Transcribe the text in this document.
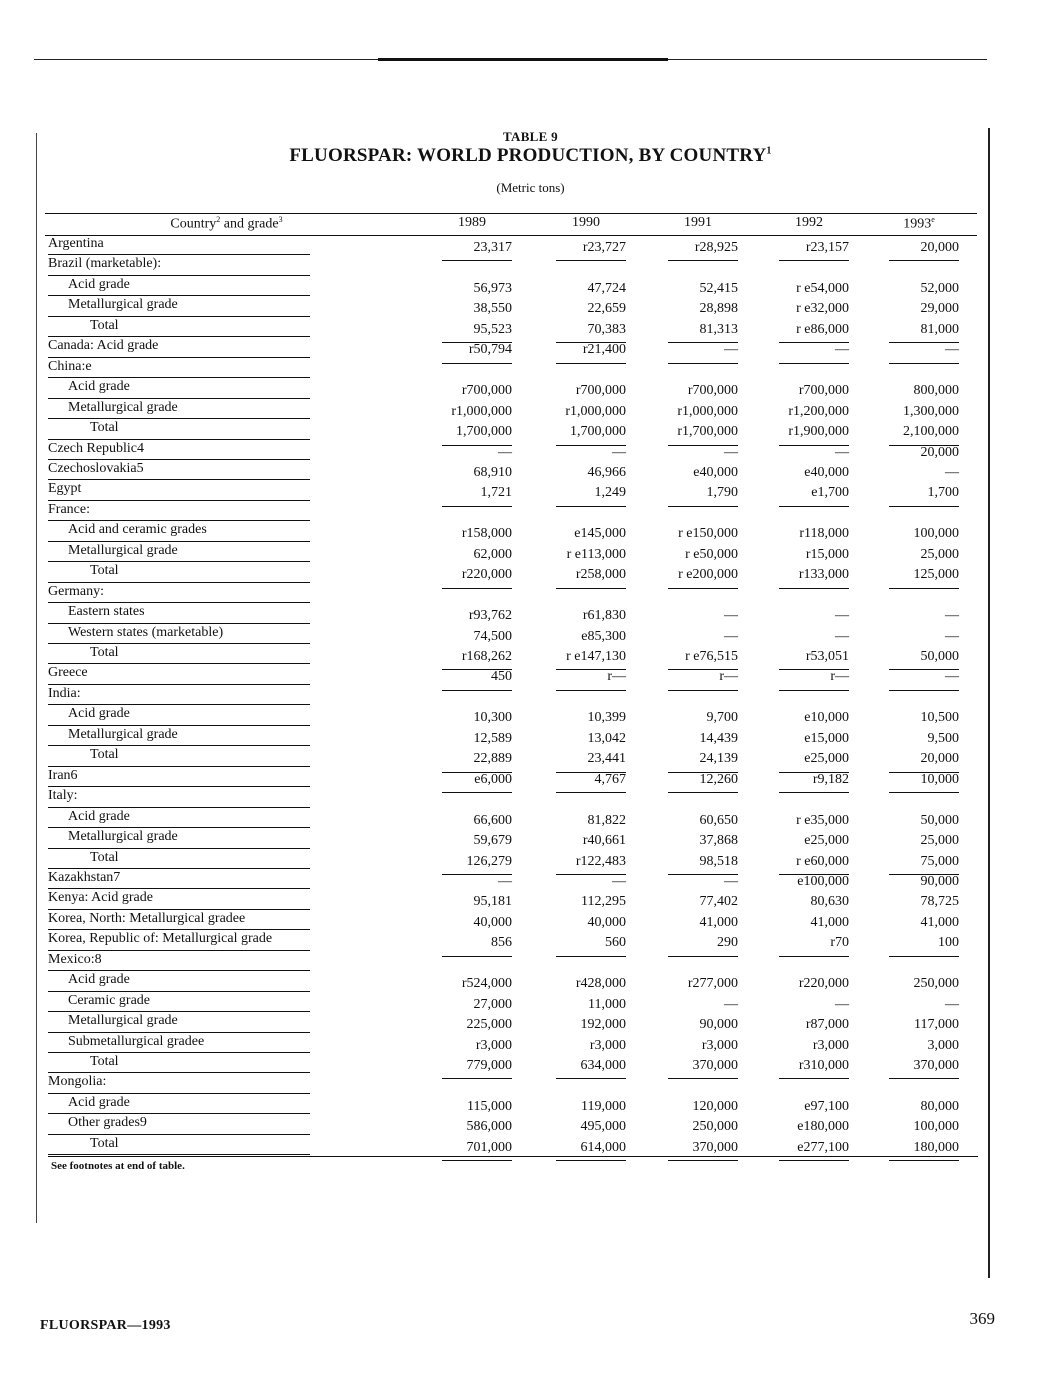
TABLE 9
FLUORSPAR: WORLD PRODUCTION, BY COUNTRY$^1$
(Metric tons)
Country$^2$ and grade$^3$	1989	1990	1991	1992	1993e
Argentina	23,317	r23,727	r28,925	r23,157	20,000
Brazil (marketable):
Acid grade	56,973	47,724	52,415	r e54,000	52,000
Metallurgical grade	38,550	22,659	28,898	r e32,000	29,000
Total	95,523	70,383	81,313	r e86,000	81,000
Canada: Acid grade	r50,794	r21,400	—	—	—
China:e
Acid grade	r700,000	r700,000	r700,000	r700,000	800,000
Metallurgical grade	r1,000,000	r1,000,000	r1,000,000	r1,200,000	1,300,000
Total	1,700,000	1,700,000	r1,700,000	r1,900,000	2,100,000
Czech Republic4	—	—	—	—	20,000
Czechoslovakia5	68,910	46,966	e40,000	e40,000	—
Egypt	1,721	1,249	1,790	e1,700	1,700
France:
Acid and ceramic grades	r158,000	e145,000	r e150,000	r118,000	100,000
Metallurgical grade	62,000	r e113,000	r e50,000	r15,000	25,000
Total	r220,000	r258,000	r e200,000	r133,000	125,000
Germany:
Eastern states	r93,762	r61,830	—	—	—
Western states (marketable)	74,500	e85,300	—	—	—
Total	r168,262	r e147,130	r e76,515	r53,051	50,000
Greece	450	r—	r—	r—	—
India:
Acid grade	10,300	10,399	9,700	e10,000	10,500
Metallurgical grade	12,589	13,042	14,439	e15,000	9,500
Total	22,889	23,441	24,139	e25,000	20,000
Iran6	e6,000	4,767	12,260	r9,182	10,000
Italy:
Acid grade	66,600	81,822	60,650	r e35,000	50,000
Metallurgical grade	59,679	r40,661	37,868	e25,000	25,000
Total	126,279	r122,483	98,518	r e60,000	75,000
Kazakhstan7	—	—	—	e100,000	90,000
Kenya: Acid grade	95,181	112,295	77,402	80,630	78,725
Korea, North: Metallurgical gradee	40,000	40,000	41,000	41,000	41,000
Korea, Republic of: Metallurgical grade	856	560	290	r70	100
Mexico:8
Acid grade	r524,000	r428,000	r277,000	r220,000	250,000
Ceramic grade	27,000	11,000	—	—	—
Metallurgical grade	225,000	192,000	90,000	r87,000	117,000
Submetallurgical gradee	r3,000	r3,000	r3,000	r3,000	3,000
Total	779,000	634,000	370,000	r310,000	370,000
Mongolia:
Acid grade	115,000	119,000	120,000	e97,100	80,000
Other grades9	586,000	495,000	250,000	e180,000	100,000
Total	701,000	614,000	370,000	e277,100	180,000
See footnotes at end of table.
FLUORSPAR—1993	369
